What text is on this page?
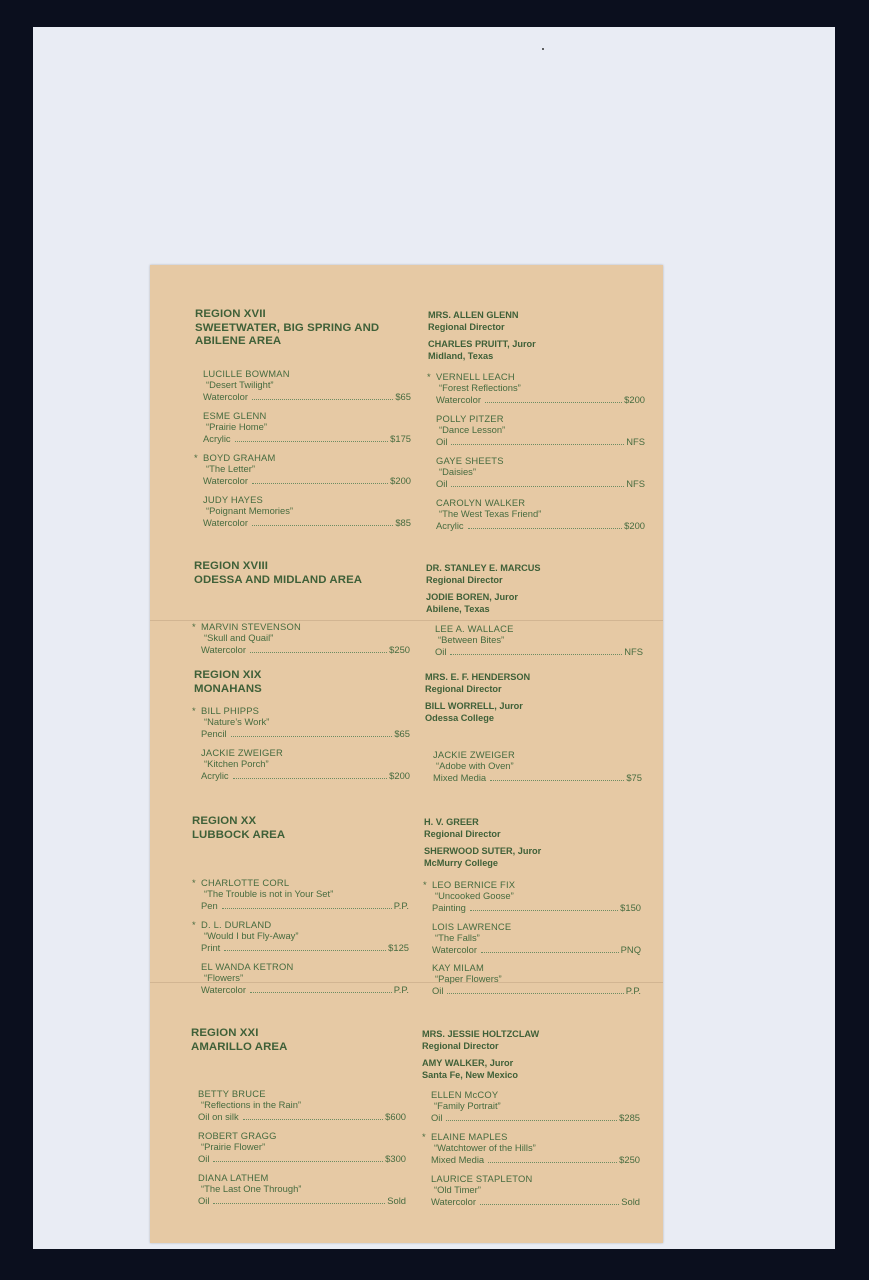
REGION XVII
SWEETWATER, BIG SPRING AND
ABILENE AREA
MRS. ALLEN GLENN
Regional Director
CHARLES PRUITT, Juror
Midland, Texas
LUCILLE BOWMAN
“Desert Twilight”
Watercolor	$65
ESME GLENN
“Prairie Home”
Acrylic	$175
* BOYD GRAHAM
“The Letter”
Watercolor	$200
JUDY HAYES
“Poignant Memories”
Watercolor	$85
* VERNELL LEACH
“Forest Reflections”
Watercolor	$200
POLLY PITZER
“Dance Lesson”
Oil	NFS
GAYE SHEETS
“Daisies”
Oil	NFS
CAROLYN WALKER
“The West Texas Friend”
Acrylic	$200
REGION XVIII
ODESSA AND MIDLAND AREA
DR. STANLEY E. MARCUS
Regional Director
JODIE BOREN, Juror
Abilene, Texas
* MARVIN STEVENSON
“Skull and Quail”
Watercolor	$250
LEE A. WALLACE
“Between Bites”
Oil	NFS
REGION XIX
MONAHANS
MRS. E. F. HENDERSON
Regional Director
BILL WORRELL, Juror
Odessa College
* BILL PHIPPS
“Nature’s Work”
Pencil	$65
JACKIE ZWEIGER
“Kitchen Porch”
Acrylic	$200
JACKIE ZWEIGER
“Adobe with Oven”
Mixed Media	$75
REGION XX
LUBBOCK AREA
H. V. GREER
Regional Director
SHERWOOD SUTER, Juror
McMurry College
* CHARLOTTE CORL
“The Trouble is not in Your Set”
Pen	P.P.
* D. L. DURLAND
“Would I but Fly-Away”
Print	$125
EL WANDA KETRON
“Flowers”
Watercolor	P.P.
* LEO BERNICE FIX
“Uncooked Goose”
Painting	$150
LOIS LAWRENCE
“The Falls”
Watercolor	PNQ
KAY MILAM
“Paper Flowers”
Oil	P.P.
REGION XXI
AMARILLO AREA
MRS. JESSIE HOLTZCLAW
Regional Director
AMY WALKER, Juror
Santa Fe, New Mexico
BETTY BRUCE
“Reflections in the Rain”
Oil on silk	$600
ROBERT GRAGG
“Prairie Flower”
Oil	$300
DIANA LATHEM
“The Last One Through”
Oil	Sold
ELLEN McCOY
“Family Portrait”
Oil	$285
* ELAINE MAPLES
“Watchtower of the Hills”
Mixed Media	$250
LAURICE STAPLETON
“Old Timer”
Watercolor	Sold
